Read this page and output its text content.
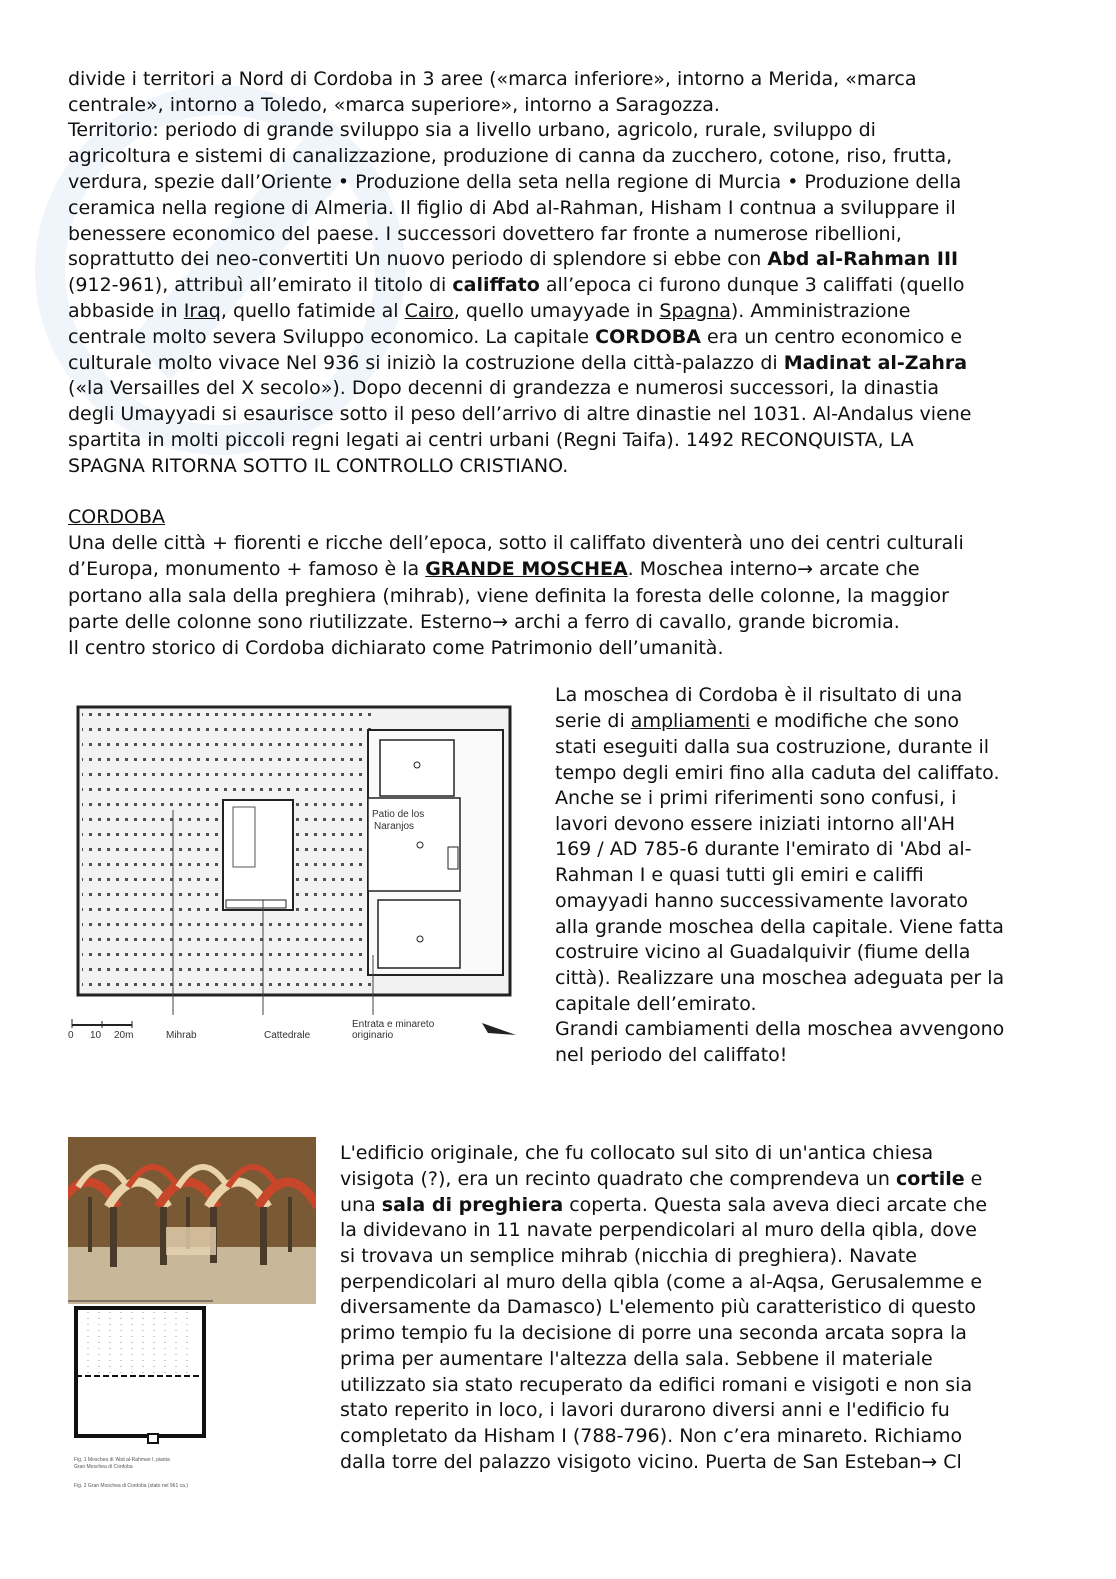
divide i territori a Nord di Cordoba in 3 aree («marca inferiore», intorno a Merida, «marca

centrale», intorno a Toledo, «marca superiore», intorno a Saragozza.

Territorio: periodo di grande sviluppo sia a livello urbano, agricolo, rurale, sviluppo di

agricoltura e sistemi di canalizzazione, produzione di canna da zucchero, cotone, riso, frutta,

verdura, spezie dall’Oriente • Produzione della seta nella regione di Murcia • Produzione della

ceramica nella regione di Almeria. Il figlio di Abd al-Rahman, Hisham I contnua a sviluppare il

benessere economico del paese. I successori dovettero far fronte a numerose ribellioni,

soprattutto dei neo-convertiti Un nuovo periodo di splendore si ebbe con Abd al-Rahman III

(912-961), attribuì all’emirato il titolo di califfato all’epoca ci furono dunque 3 califfati (quello

abbaside in Iraq, quello fatimide al Cairo, quello umayyade in Spagna). Amministrazione

centrale molto severa Sviluppo economico. La capitale CORDOBA era un centro economico e

culturale molto vivace Nel 936 si iniziò la costruzione della città-palazzo di Madinat al-Zahra

(«la Versailles del X secolo»). Dopo decenni di grandezza e numerosi successori, la dinastia

degli Umayyadi si esaurisce sotto il peso dell’arrivo di altre dinastie nel 1031. Al-Andalus viene

spartita in molti piccoli regni legati ai centri urbani (Regni Taifa). 1492 RECONQUISTA, LA

SPAGNA RITORNA SOTTO IL CONTROLLO CRISTIANO.

CORDOBA

Una delle città + fiorenti e ricche dell’epoca, sotto il califfato diventerà uno dei centri culturali

d’Europa, monumento + famoso è la GRANDE MOSCHEA. Moschea interno→ arcate che

portano alla sala della preghiera (mihrab), viene definita la foresta delle colonne, la maggior

parte delle colonne sono riutilizzate. Esterno→ archi a ferro di cavallo, grande bicromia.

Il centro storico di Cordoba dichiarato come Patrimonio dell’umanità.

Patio de los
Naranjos
0 10 20m	Mihrab	Cattedrale
Entrata e minareto
originario

La moschea di Cordoba è il risultato di una

serie di ampliamenti e modifiche che sono

stati eseguiti dalla sua costruzione, durante il

tempo degli emiri fino alla caduta del califfato.

Anche se i primi riferimenti sono confusi, i

lavori devono essere iniziati intorno all'AH

169 / AD 785-6 durante l'emirato di 'Abd al-

Rahman I e quasi tutti gli emiri e califfi

omayyadi hanno successivamente lavorato

alla grande moschea della capitale. Viene fatta

costruire vicino al Guadalquivir (fiume della

città). Realizzare una moschea adeguata per la

capitale dell’emirato.

Grandi cambiamenti della moschea avvengono

nel periodo del califfato!

Fig. 1 Moschea di 'Abd al-Rahman I, pianta
Gran Moschea di Cordoba
Fig. 2 Gran Moschea di Cordoba (stato nel 961 ca.)

L'edificio originale, che fu collocato sul sito di un'antica chiesa

visigota (?), era un recinto quadrato che comprendeva un cortile e

una sala di preghiera coperta. Questa sala aveva dieci arcate che

la dividevano in 11 navate perpendicolari al muro della qibla, dove

si trovava un semplice mihrab (nicchia di preghiera). Navate

perpendicolari al muro della qibla (come a al-Aqsa, Gerusalemme e

diversamente da Damasco) L'elemento più caratteristico di questo

primo tempio fu la decisione di porre una seconda arcata sopra la

prima per aumentare l'altezza della sala. Sebbene il materiale

utilizzato sia stato recuperato da edifici romani e visigoti e non sia

stato reperito in loco, i lavori durarono diversi anni e l'edificio fu

completato da Hisham I (788-796). Non c’era minareto. Richiamo

dalla torre del palazzo visigoto vicino. Puerta de San Esteban→ Cl
